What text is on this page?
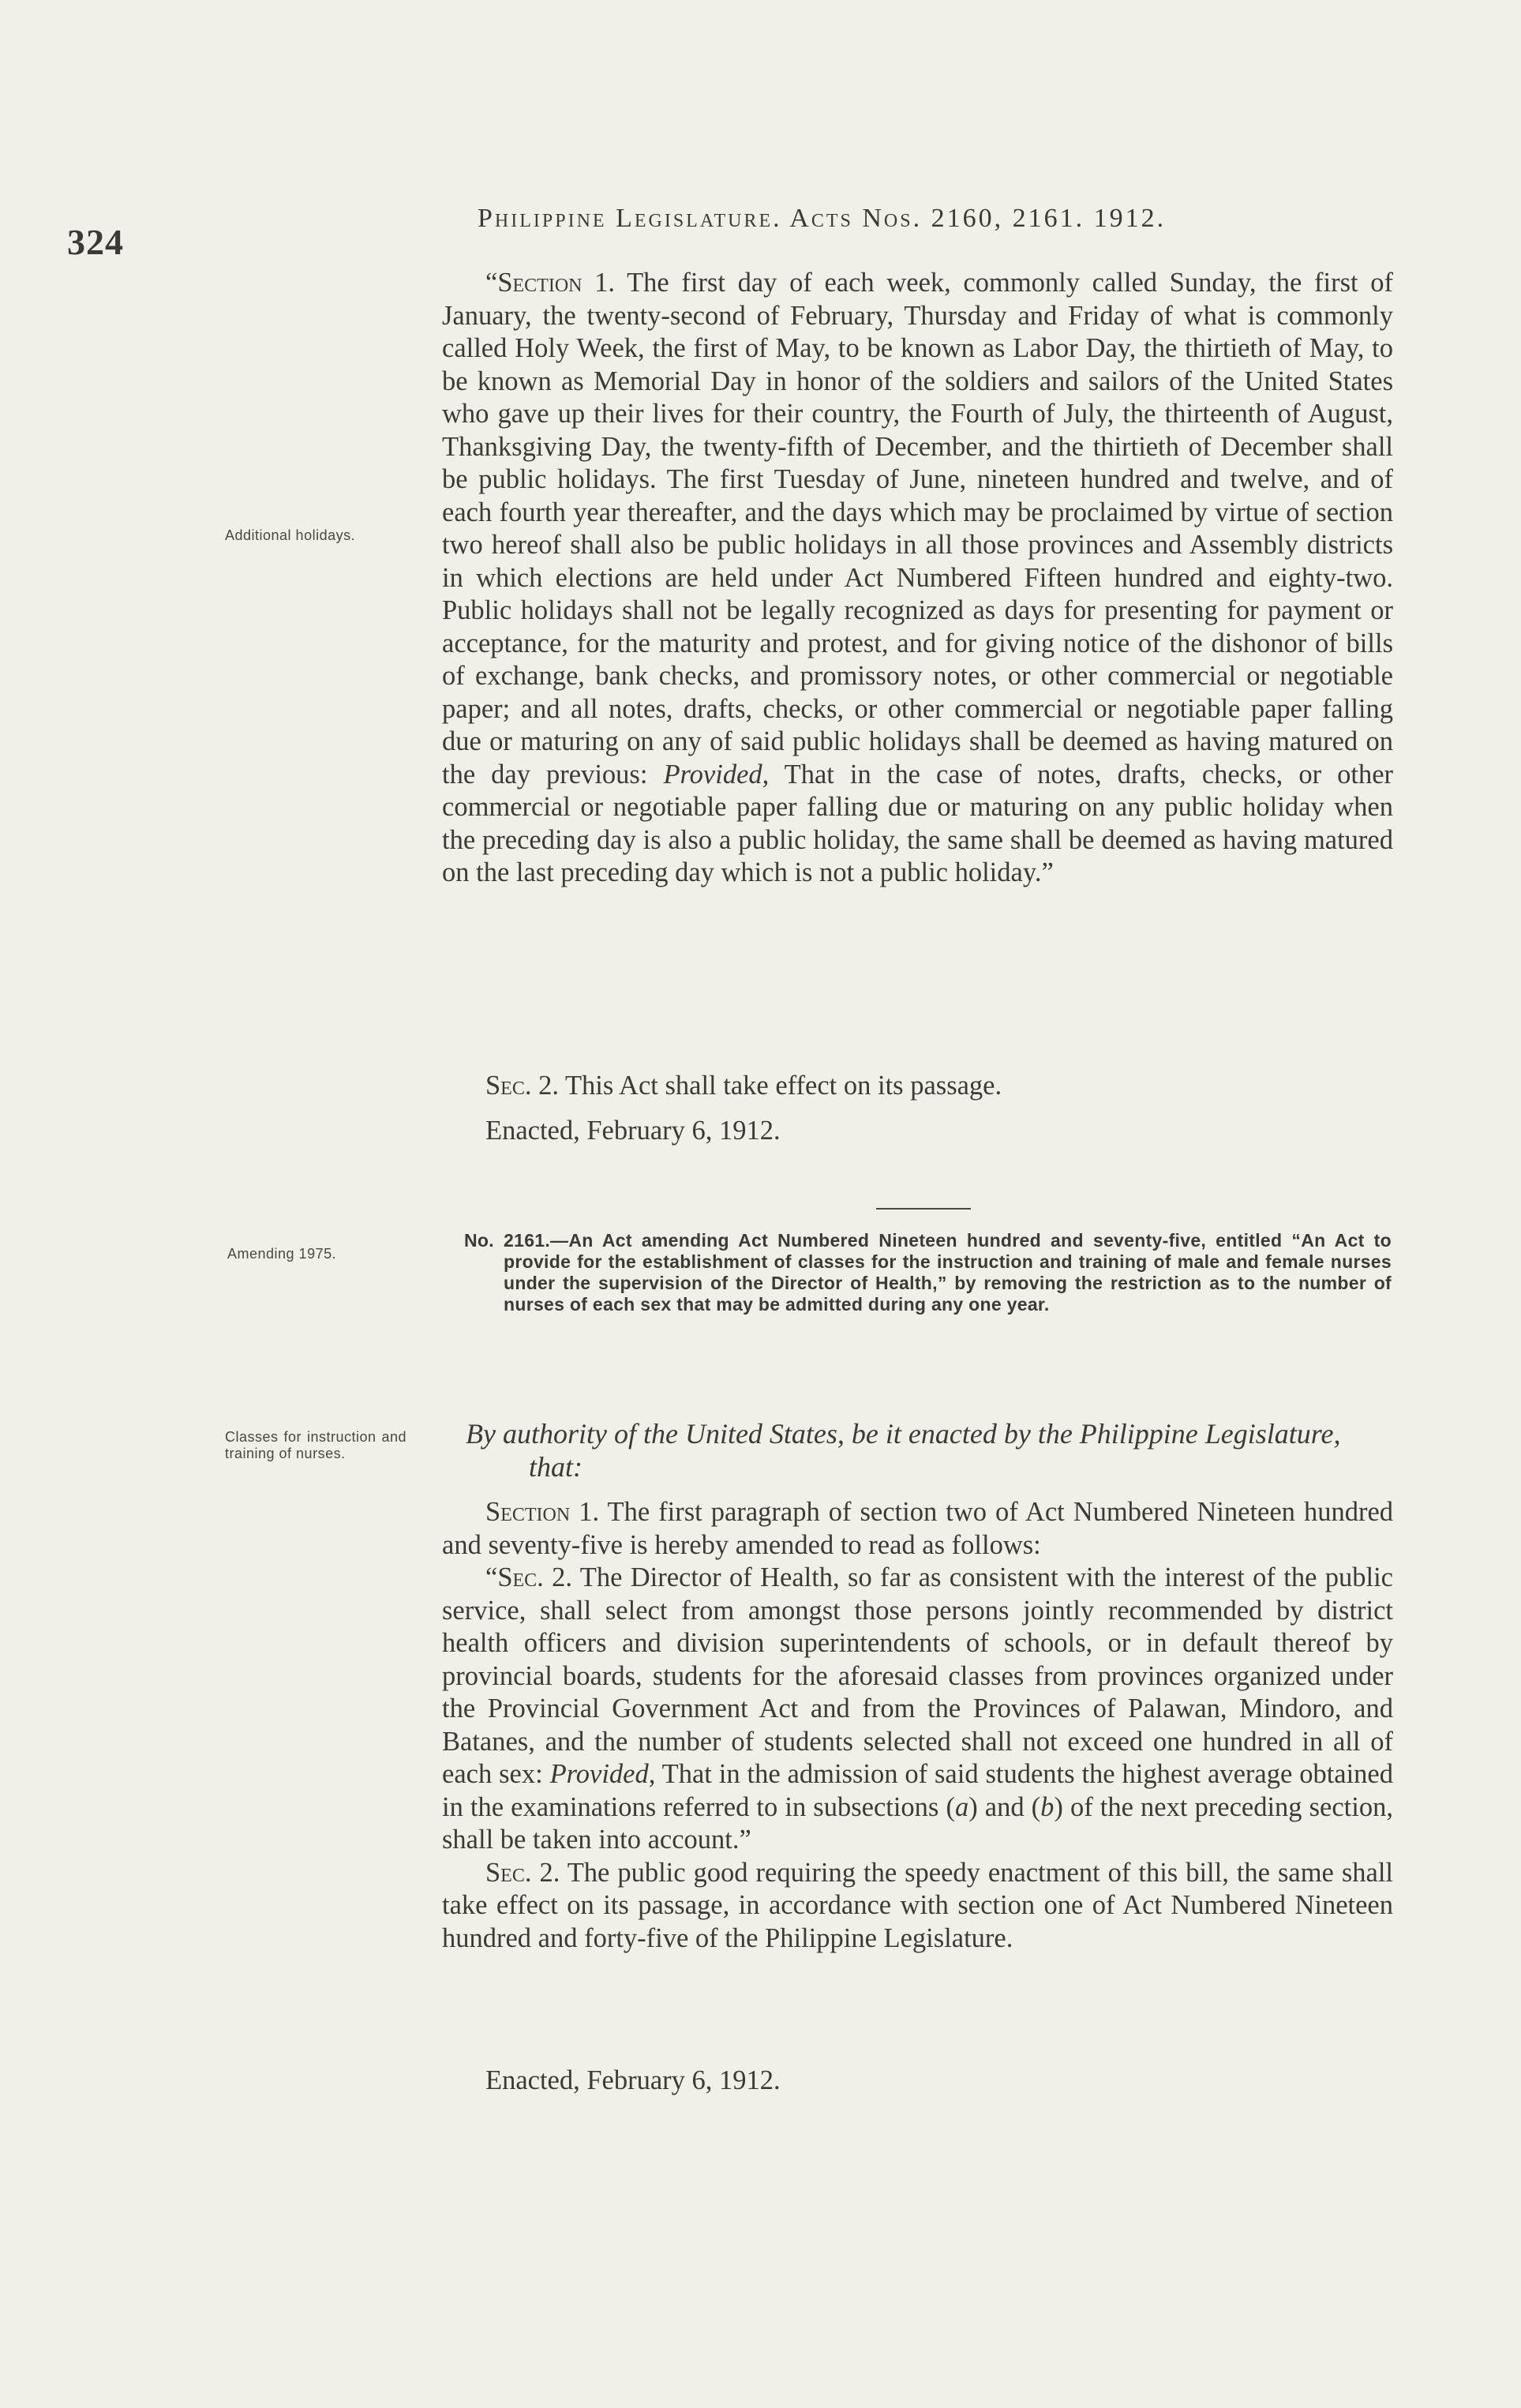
324
Philippine Legislature. Acts Nos. 2160, 2161. 1912.

“Section 1. The first day of each week, commonly called Sunday, the first of January, the twenty-second of February, Thursday and Friday of what is commonly called Holy Week, the first of May, to be known as Labor Day, the thirtieth of May, to be known as Memorial Day in honor of the soldiers and sailors of the United States who gave up their lives for their country, the Fourth of July, the thirteenth of August, Thanksgiving Day, the twenty-fifth of December, and the thirtieth of December shall be public holidays. The first Tuesday of June, nineteen hundred and twelve, and of each fourth year thereafter, and the days which may be proclaimed by virtue of section two hereof shall also be public holidays in all those provinces and Assembly districts in which elections are held under Act Numbered Fifteen hundred and eighty-two. Public holidays shall not be legally recognized as days for presenting for payment or acceptance, for the maturity and protest, and for giving notice of the dishonor of bills of exchange, bank checks, and promissory notes, or other commercial or negotiable paper; and all notes, drafts, checks, or other commercial or negotiable paper falling due or maturing on any of said public holidays shall be deemed as having matured on the day previous: Provided, That in the case of notes, drafts, checks, or other commercial or negotiable paper falling due or maturing on any public holiday when the preceding day is also a public holiday, the same shall be deemed as having matured on the last preceding day which is not a public holiday.”

Additional holidays.

Sec. 2. This Act shall take effect on its passage.

Enacted, February 6, 1912.

Amending 1975.
No. 2161.—An Act amending Act Numbered Nineteen hundred and seventy-five, entitled “An Act to provide for the establishment of classes for the instruction and training of male and female nurses under the supervision of the Director of Health,” by removing the restriction as to the number of nurses of each sex that may be admitted during any one year.
Classes for instruction and training of nurses.
By authority of the United States, be it enacted by the Philippine Legislature, that:

Section 1. The first paragraph of section two of Act Numbered Nineteen hundred and seventy-five is hereby amended to read as follows:

“Sec. 2. The Director of Health, so far as consistent with the interest of the public service, shall select from amongst those persons jointly recommended by district health officers and division superintendents of schools, or in default thereof by provincial boards, students for the aforesaid classes from provinces organized under the Provincial Government Act and from the Provinces of Palawan, Mindoro, and Batanes, and the number of students selected shall not exceed one hundred in all of each sex: Provided, That in the admission of said students the highest average obtained in the examinations referred to in subsections (a) and (b) of the next preceding section, shall be taken into account.”

Sec. 2. The public good requiring the speedy enactment of this bill, the same shall take effect on its passage, in accordance with section one of Act Numbered Nineteen hundred and forty-five of the Philippine Legislature.

Enacted, February 6, 1912.
